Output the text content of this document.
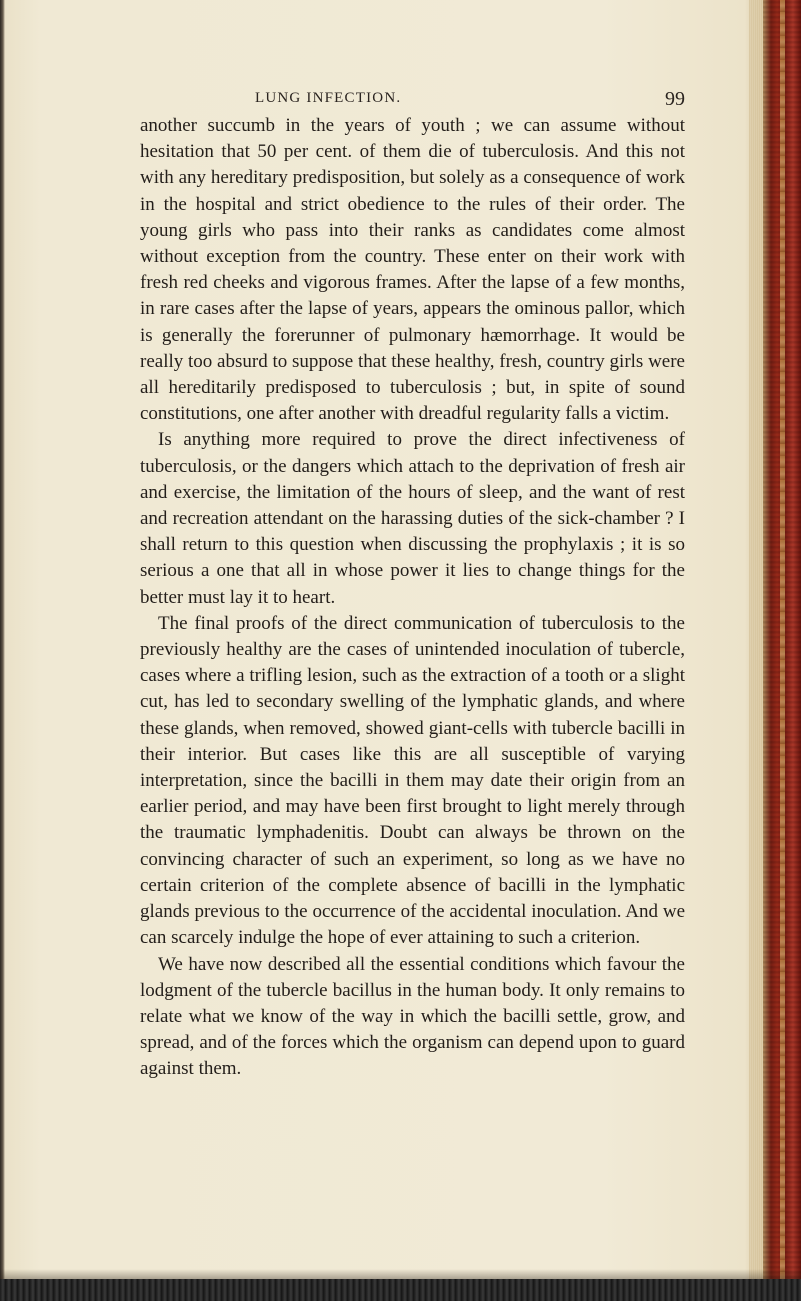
LUNG INFECTION.	99

another succumb in the years of youth ; we can assume without hesitation that 50 per cent. of them die of tuberculosis. And this not with any hereditary predisposition, but solely as a consequence of work in the hospital and strict obedience to the rules of their order. The young girls who pass into their ranks as candidates come almost without exception from the country. These enter on their work with fresh red cheeks and vigorous frames. After the lapse of a few months, in rare cases after the lapse of years, appears the ominous pallor, which is generally the forerunner of pulmonary hæmorrhage. It would be really too absurd to suppose that these healthy, fresh, country girls were all hereditarily predisposed to tuberculosis ; but, in spite of sound constitutions, one after another with dreadful regularity falls a victim.

Is anything more required to prove the direct infectiveness of tuberculosis, or the dangers which attach to the deprivation of fresh air and exercise, the limitation of the hours of sleep, and the want of rest and recreation attendant on the harassing duties of the sick-chamber ? I shall return to this question when discussing the prophylaxis ; it is so serious a one that all in whose power it lies to change things for the better must lay it to heart.

The final proofs of the direct communication of tuberculosis to the previously healthy are the cases of unintended inoculation of tubercle, cases where a trifling lesion, such as the extraction of a tooth or a slight cut, has led to secondary swelling of the lymphatic glands, and where these glands, when removed, showed giant-cells with tubercle bacilli in their interior. But cases like this are all susceptible of varying interpretation, since the bacilli in them may date their origin from an earlier period, and may have been first brought to light merely through the traumatic lymphadenitis. Doubt can always be thrown on the convincing character of such an experiment, so long as we have no certain criterion of the complete absence of bacilli in the lymphatic glands previous to the occurrence of the accidental inoculation. And we can scarcely indulge the hope of ever attaining to such a criterion.

We have now described all the essential conditions which favour the lodgment of the tubercle bacillus in the human body. It only remains to relate what we know of the way in which the bacilli settle, grow, and spread, and of the forces which the organism can depend upon to guard against them.
